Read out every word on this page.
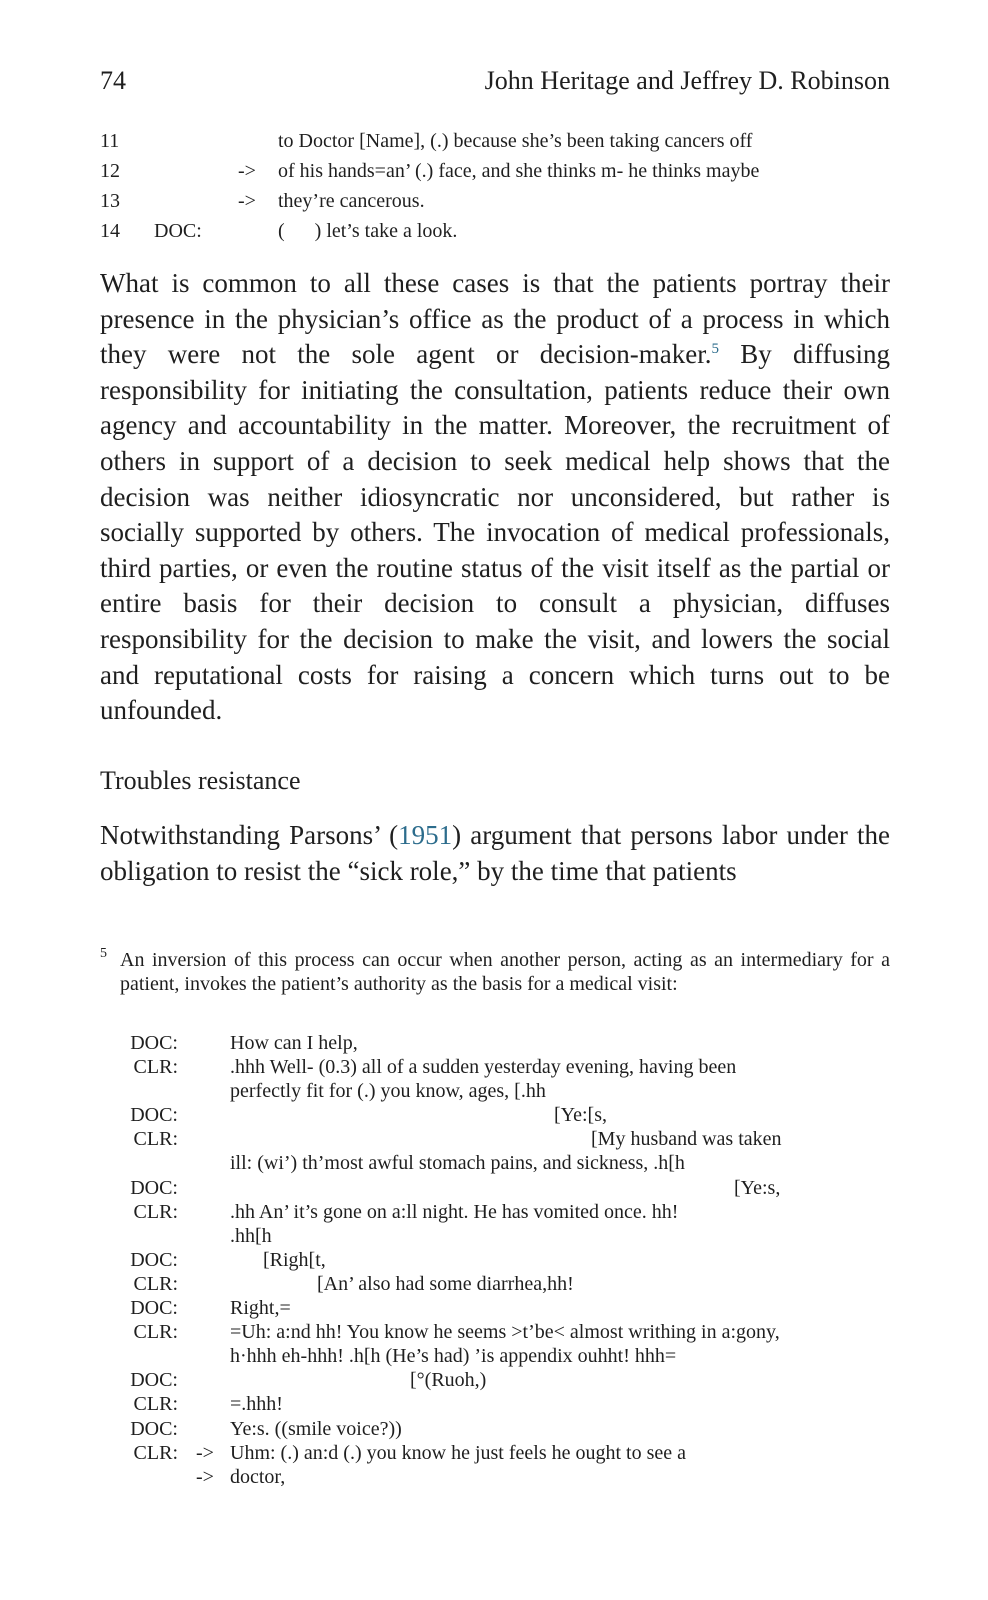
74	John Heritage and Jeffrey D. Robinson
11	to Doctor [Name], (.) because she’s been taking cancers off
12	-> of his hands=an’ (.) face, and she thinks m- he thinks maybe
13	-> they’re cancerous.
14 DOC:	(      ) let’s take a look.

What is common to all these cases is that the patients portray their presence in the physician’s office as the product of a process in which they were not the sole agent or decision-maker.$^5$ By diffusing responsibility for initiating the consultation, patients reduce their own agency and accountability in the matter. Moreover, the recruitment of others in support of a decision to seek medical help shows that the decision was neither idiosyncratic nor unconsidered, but rather is socially supported by others. The invocation of medical professionals, third parties, or even the routine status of the visit itself as the partial or entire basis for their decision to consult a physician, diffuses responsibility for the decision to make the visit, and lowers the social and reputational costs for raising a concern which turns out to be unfounded.

Troubles resistance

Notwithstanding Parsons’ (1951) argument that persons labor under the obligation to resist the “sick role,” by the time that patients

5 An inversion of this process can occur when another person, acting as an intermediary for a patient, invokes the patient’s authority as the basis for a medical visit:
DOC:	How can I help,
CLR:	.hhh Well- (0.3) all of a sudden yesterday evening, having been
perfectly fit for (.) you know, ages, [.hh
DOC:	[Ye:[s,
CLR:	[My husband was taken
ill: (wi’) th’most awful stomach pains, and sickness, .h[h
DOC:	[Ye:s,
CLR:	.hh An’ it’s gone on a:ll night. He has vomited once. hh!
.hh[h
DOC:	[Righ[t,
CLR:	[An’ also had some diarrhea,hh!
DOC:	Right,=
CLR:	=Uh: a:nd hh! You know he seems >t’be< almost writhing in a:gony,
h·hhh eh-hhh! .h[h (He’s had) ’is appendix ouhht! hhh=
DOC:	[°(Ruoh,)
CLR:	=.hhh!
DOC:	Ye:s. ((smile voice?))
CLR: -> Uhm: (.) an:d (.) you know he just feels he ought to see a
-> doctor,
